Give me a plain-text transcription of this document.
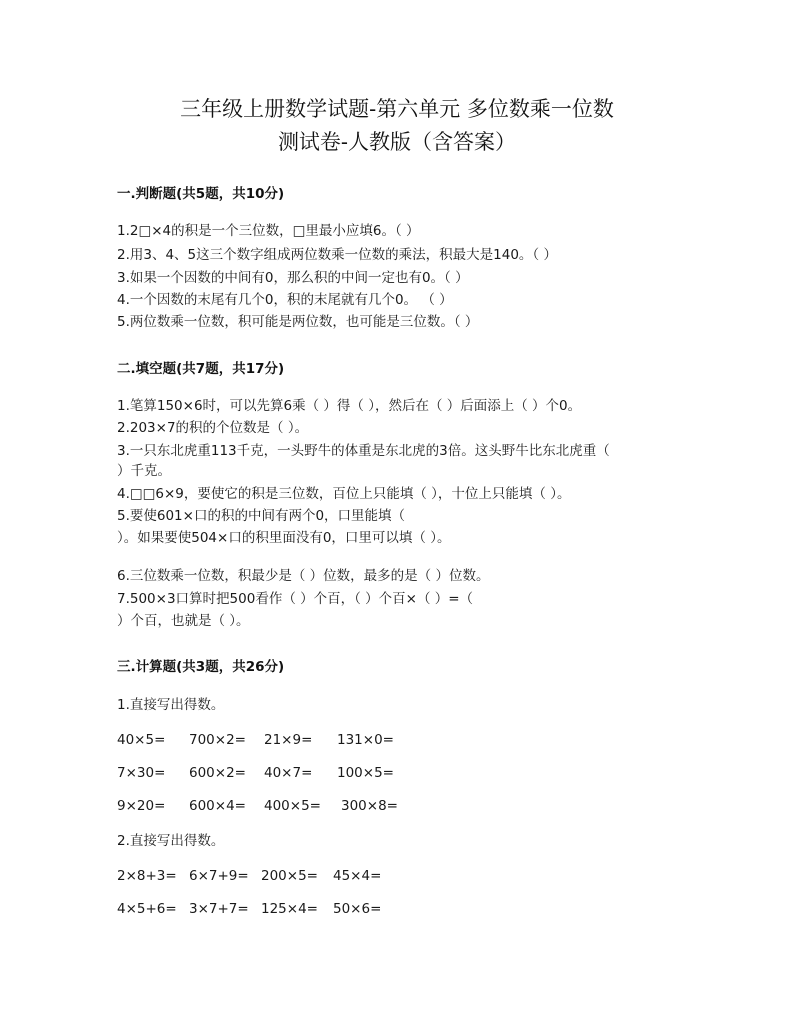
三年级上册数学试题-第六单元 多位数乘一位数
测试卷-人教版（含答案）
一.判断题(共5题，共10分)
1.2□×4的积是一个三位数，□里最小应填6。（ ）
2.用3、4、5这三个数字组成两位数乘一位数的乘法，积最大是140。（ ）
3.如果一个因数的中间有0，那么积的中间一定也有0。（ ）
4.一个因数的末尾有几个0，积的末尾就有几个0。 （ ）
5.两位数乘一位数，积可能是两位数，也可能是三位数。（ ）
二.填空题(共7题，共17分)
1.笔算150×6时，可以先算6乘（ ）得（ ），然后在（ ）后面添上（ ）个0。
2.203×7的积的个位数是（ ）。
3.一只东北虎重113千克，一头野牛的体重是东北虎的3倍。这头野牛比东北虎重（
）千克。
4.□□6×9，要使它的积是三位数，百位上只能填（ ），十位上只能填（ ）。
5.要使601×口的积的中间有两个0，口里能填（
）。如果要使504×口的积里面没有0，口里可以填（ ）。
6.三位数乘一位数，积最少是（ ）位数，最多的是（ ）位数。
7.500×3口算时把500看作（ ）个百，（ ）个百×（ ）=（
）个百，也就是（ ）。
三.计算题(共3题，共26分)
1.直接写出得数。
40×5= 700×2= 21×9= 131×0=
7×30= 600×2= 40×7= 100×5=
9×20= 600×4= 400×5= 300×8=
2.直接写出得数。
2×8+3= 6×7+9= 200×5= 45×4=
4×5+6= 3×7+7= 125×4= 50×6=
